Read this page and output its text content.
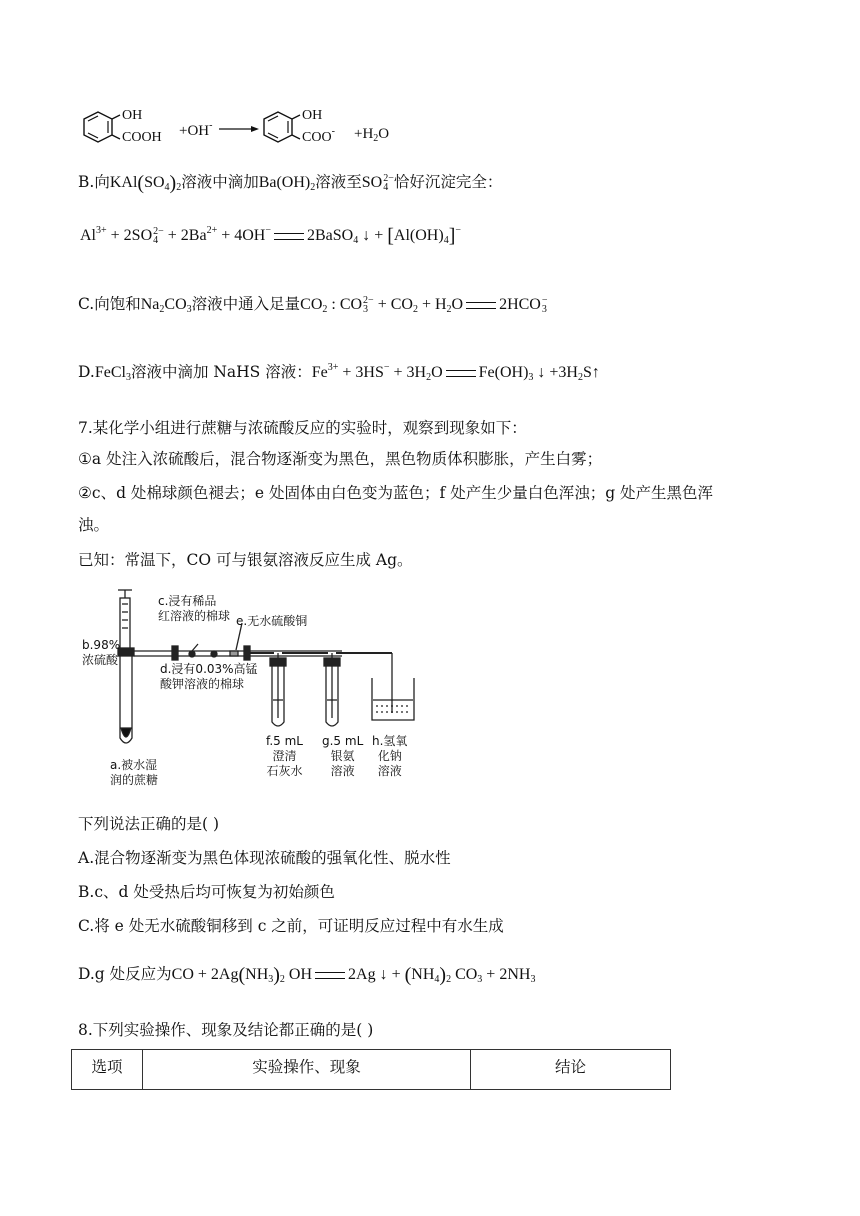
OH
COOH +OH-
OH
$COO^- +H_2O$
B.向$KAl(SO_4)_2$溶液中滴加$Ba(OH)_2$溶液至SO 2−
4 恰好沉淀完全：
$Al^{3+} + 2SO$ 2−
$4 + 2Ba^{2+} + 4OH^-$ 2BaSO$_4$ ↓ + $[Al(OH)_4]^-$
C.向饱和$Na_2CO_3$溶液中通入足量$CO_2$ : CO 2−
$3 + CO_2 + H_2O$ 2HCO −
3
D.FeCl$_3$溶液中滴加 NaHS 溶液：$Fe^{3+} + 3HS^- + 3H_2O$ $Fe(OH)_3$ ↓ $+3H_2S↑$
7.某化学小组进行蔗糖与浓硫酸反应的实验时，观察到现象如下：
①a 处注入浓硫酸后，混合物逐渐变为黑色，黑色物质体积膨胀，产生白雾；
②c、d 处棉球颜色褪去；e 处固体由白色变为蓝色；f 处产生少量白色浑浊；g 处产生黑色浑
浊。
已知：常温下，CO 可与银氨溶液反应生成 Ag。
c.浸有稀品
红溶液的棉球 e.无水硫酸铜
b.98%
浓硫酸
d.浸有0.03%高锰
酸钾溶液的棉球
f.5 mL
澄清
石灰水
g.5 mL
银氨
溶液
h.氢氧
化钠
溶液
a.被水湿
润的蔗糖
下列说法正确的是( )
A.混合物逐渐变为黑色体现浓硫酸的强氧化性、脱水性
B.c、d 处受热后均可恢复为初始颜色
C.将 e 处无水硫酸铜移到 c 之前，可证明反应过程中有水生成
D.g 处反应为CO + $2Ag(NH_3)_2$ OH 2Ag ↓ + $(NH_4)_2$ $CO_3 + 2NH_3$
8.下列实验操作、现象及结论都正确的是( )
选项	实验操作、现象	结论
